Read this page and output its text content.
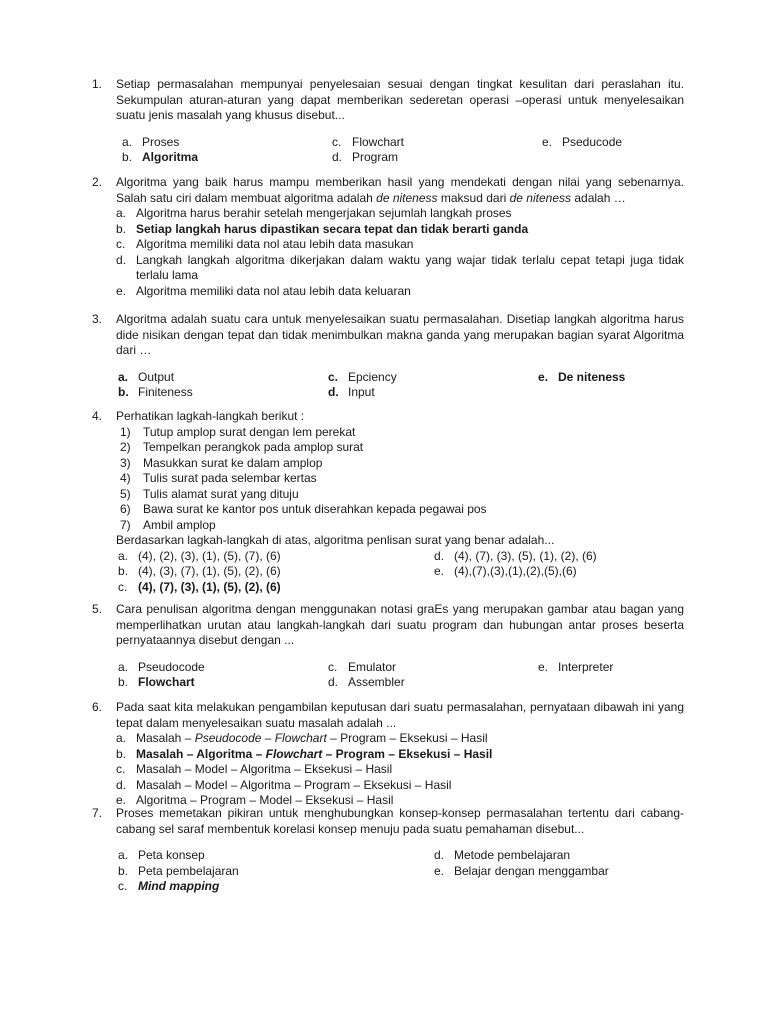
1.	Setiap permasalahan mempunyai penyelesaian sesuai dengan tingkat kesulitan dari peraslahan itu. Sekumpulan aturan-aturan yang dapat memberikan sederetan operasi –operasi untuk menyelesaikan suatu jenis masalah yang khusus disebut...
a. Proses	c. Flowchart	e. Pseducode
b. Algoritma	d. Program
2.	Algoritma yang baik harus mampu memberikan hasil yang mendekati dengan nilai yang sebenarnya. Salah satu ciri dalam membuat algoritma adalah de niteness maksud dari de niteness adalah …
a. Algoritma harus berahir setelah mengerjakan sejumlah langkah proses
b. Setiap langkah harus dipastikan secara tepat dan tidak berarti ganda
c. Algoritma memiliki data nol atau lebih data masukan
d. Langkah langkah algoritma dikerjakan dalam waktu yang wajar tidak terlalu cepat tetapi juga tidak terlalu lama
e. Algoritma memiliki data nol atau lebih data keluaran
3.	Algoritma adalah suatu cara untuk menyelesaikan suatu permasalahan. Disetiap langkah algoritma harus dide nisikan dengan tepat dan tidak menimbulkan makna ganda yang merupakan bagian syarat Algoritma dari …
a. Output	c. Epciency	e. De niteness
b. Finiteness	d. Input
4.	Perhatikan lagkah-langkah berikut :
1) Tutup amplop surat dengan lem perekat
2) Tempelkan perangkok pada amplop surat
3) Masukkan surat ke dalam amplop
4) Tulis surat pada selembar kertas
5) Tulis alamat surat yang dituju
6) Bawa surat ke kantor pos untuk diserahkan kepada pegawai pos
7) Ambil amplop
Berdasarkan lagkah-langkah di atas, algoritma penlisan surat yang benar adalah...
a. (4), (2), (3), (1), (5), (7), (6)	d. (4), (7), (3), (5), (1), (2), (6)
b. (4), (3), (7), (1), (5), (2), (6)	e. (4),(7),(3),(1),(2),(5),(6)
c. (4), (7), (3), (1), (5), (2), (6)
5.	Cara penulisan algoritma dengan menggunakan notasi graEs yang merupakan gambar atau bagan yang memperlihatkan urutan atau langkah-langkah dari suatu program dan hubungan antar proses beserta pernyataannya disebut dengan ...
a. Pseudocode	c. Emulator	e. Interpreter
b. Flowchart	d. Assembler
6.	Pada saat kita melakukan pengambilan keputusan dari suatu permasalahan, pernyataan dibawah ini yang tepat dalam menyelesaikan suatu masalah adalah ...
a. Masalah – Pseudocode – Flowchart – Program – Eksekusi – Hasil
b. Masalah – Algoritma – Flowchart – Program – Eksekusi – Hasil
c. Masalah – Model – Algoritma – Eksekusi – Hasil
d. Masalah – Model – Algoritma – Program – Eksekusi – Hasil
e. Algoritma – Program – Model – Eksekusi – Hasil
7.	Proses memetakan pikiran untuk menghubungkan konsep-konsep permasalahan tertentu dari cabang-cabang sel saraf membentuk korelasi konsep menuju pada suatu pemahaman disebut...
a. Peta konsep	d. Metode pembelajaran
b. Peta pembelajaran	e. Belajar dengan menggambar
c. Mind mapping
